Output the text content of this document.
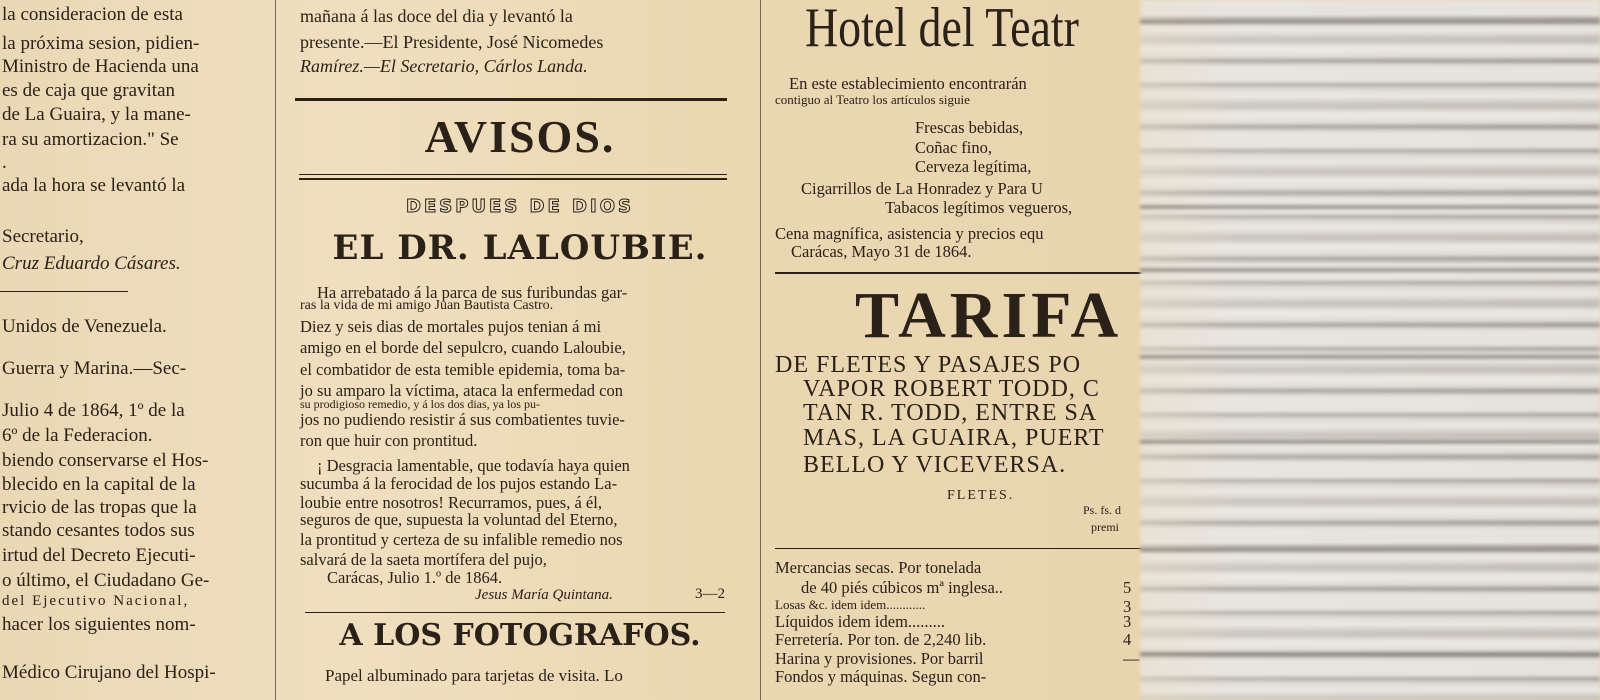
la consideracion de esta
la próxima sesion, pidien-
Ministro de Hacienda una
es de caja que gravitan
de La Guaira, y la mane-
ra su amortizacion." Se
.
ada la hora se levantó la
Secretario,
Cruz Eduardo Cásares.
Unidos de Venezuela.
Guerra y Marina.—Sec-
Julio 4 de 1864, 1º de la
6º de la Federacion.
biendo conservarse el Hos-
blecido en la capital de la
rvicio de las tropas que la
stando cesantes todos sus
irtud del Decreto Ejecuti-
o último, el Ciudadano Ge-
del Ejecutivo Nacional,
hacer los siguientes nom-
Médico Cirujano del Hospi-
mañana á las doce del dia y levantó la
presente.—El Presidente, José Nicomedes
Ramírez.—El Secretario, Cárlos Landa.
AVISOS.
DESPUES DE DIOS
EL DR. LALOUBIE.
Ha arrebatado á la parca de sus furibundas gar-
ras la vida de mi amigo Juan Bautista Castro.
Diez y seis dias de mortales pujos tenian á mi
amigo en el borde del sepulcro, cuando Laloubie,
el combatidor de esta temible epidemia, toma ba-
jo su amparo la víctima, ataca la enfermedad con
su prodigioso remedio, y á los dos dias, ya los pu-
jos no pudiendo resistir á sus combatientes tuvie-
ron que huir con prontitud.
¡ Desgracia lamentable, que todavía haya quien
sucumba á la ferocidad de los pujos estando La-
loubie entre nosotros! Recurramos, pues, á él,
seguros de que, supuesta la voluntad del Eterno,
la prontitud y certeza de su infalible remedio nos
salvará de la saeta mortífera del pujo,
Carácas, Julio 1.º de 1864.
Jesus María Quintana.	3—2
A LOS FOTOGRAFOS.
Papel albuminado para tarjetas de visita. Lo
Hotel del Teatr
En este establecimiento encontrarán
contiguo al Teatro los artículos siguie
Frescas bebidas,
Coñac fino,
Cerveza legítima,
Cigarrillos de La Honradez y Para U
Tabacos legítimos vegueros,
Cena magnífica, asistencia y precios equ
Carácas, Mayo 31 de 1864.
TARIFA
DE FLETES Y PASAJES PO
VAPOR ROBERT TODD, C
TAN R. TODD, ENTRE SA
MAS, LA GUAIRA, PUERT
BELLO Y VICEVERSA.
FLETES.
Ps. fs. d
premi
Mercancias secas. Por tonelada
de 40 piés cúbicos mª inglesa..	5
Losas &c. idem idem............	3
Líquidos idem idem.........	3
Ferretería. Por ton. de 2,240 lib.	4
Harina y provisiones. Por barril	—
Fondos y máquinas. Segun con-
